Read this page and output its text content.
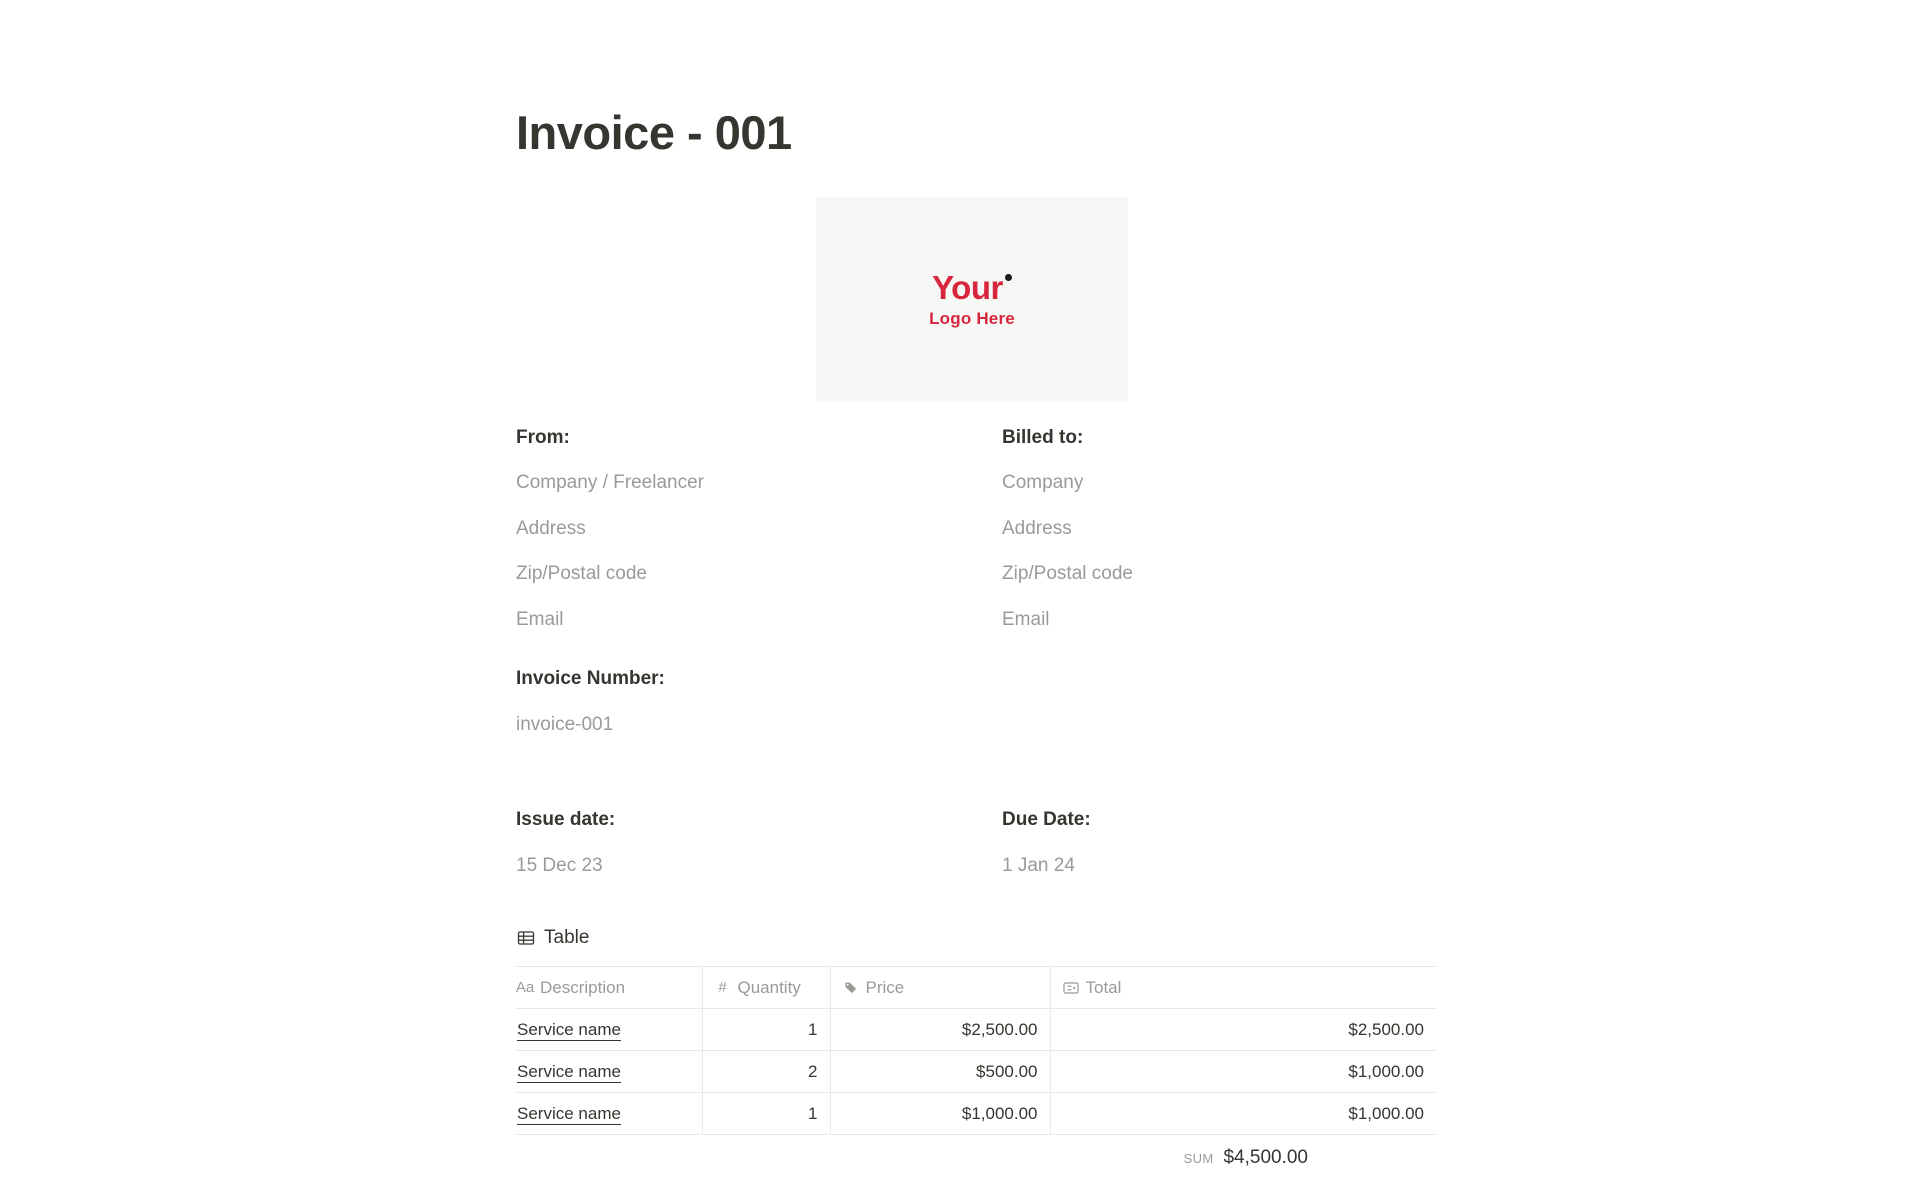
Invoice - 001
Your
Logo Here

From:

Company / Freelancer

Address

Zip/Postal code

Email

Billed to:

Company

Address

Zip/Postal code

Email

Invoice Number:

invoice-001

Issue date:

15 Dec 23

Due Date:

1 Jan 24

Table
Aa Description	# Quantity	Price	Total

Service name	1	$2,500.00	$2,500.00
Service name	2	$500.00	$1,000.00
Service name	1	$1,000.00	$1,000.00
SUM $4,500.00
